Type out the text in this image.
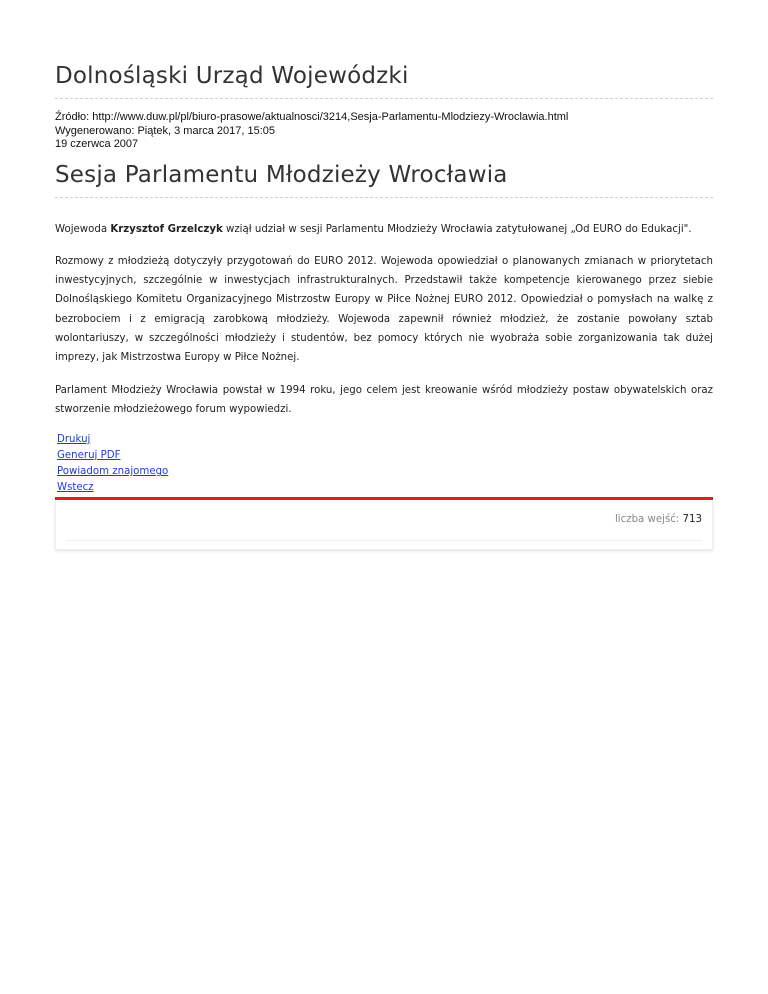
Dolnośląski Urząd Wojewódzki
Źródło: http://www.duw.pl/pl/biuro-prasowe/aktualnosci/3214,Sesja-Parlamentu-Mlodziezy-Wroclawia.html
Wygenerowano: Piątek, 3 marca 2017, 15:05
19 czerwca 2007
Sesja Parlamentu Młodzieży Wrocławia

Wojewoda Krzysztof Grzelczyk wziął udział w sesji Parlamentu Młodzieży Wrocławia zatytułowanej „Od EURO do Edukacji".

Rozmowy z młodzieżą dotyczyły przygotowań do EURO 2012. Wojewoda opowiedział o planowanych zmianach w priorytetach inwestycyjnych, szczególnie w inwestycjach infrastrukturalnych. Przedstawił także kompetencje kierowanego przez siebie Dolnośląskiego Komitetu Organizacyjnego Mistrzostw Europy w Piłce Nożnej EURO 2012. Opowiedział o pomysłach na walkę z bezrobociem i z emigracją zarobkową młodzieży. Wojewoda zapewnił również młodzież, że zostanie powołany sztab wolontariuszy, w szczególności młodzieży i studentów, bez pomocy których nie wyobraża sobie zorganizowania tak dużej imprezy, jak Mistrzostwa Europy w Piłce Nożnej.

Parlament Młodzieży Wrocławia powstał w 1994 roku, jego celem jest kreowanie wśród młodzieży postaw obywatelskich oraz stworzenie młodzieżowego forum wypowiedzi.

Drukuj
Generuj PDF
Powiadom znajomego
Wstecz
liczba wejść: 713
